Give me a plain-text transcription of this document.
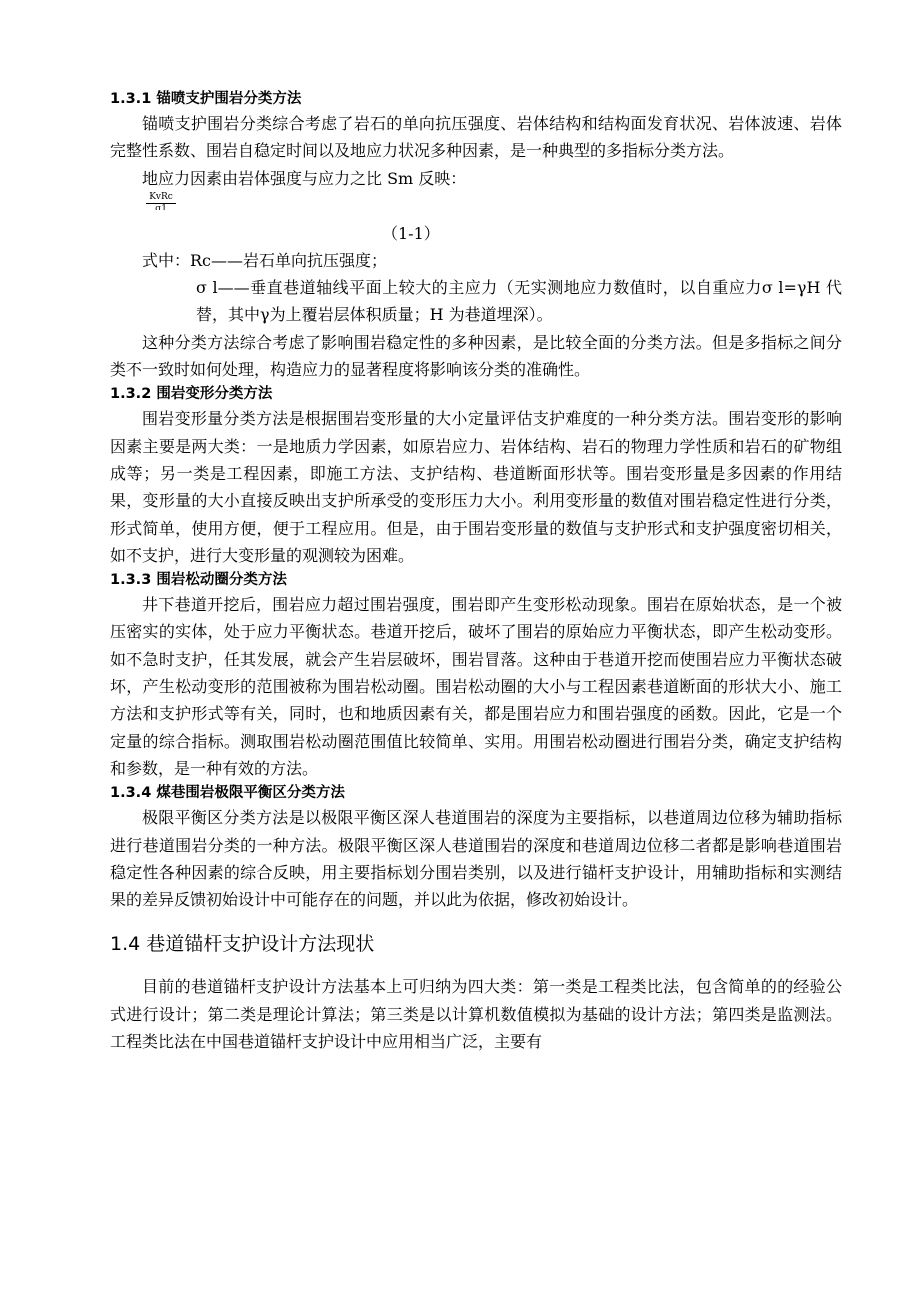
1.3.1 锚喷支护围岩分类方法

锚喷支护围岩分类综合考虑了岩石的单向抗压强度、岩体结构和结构面发育状况、岩体波速、岩体完整性系数、围岩自稳定时间以及地应力状况多种因素，是一种典型的多指标分类方法。

地应力因素由岩体强度与应力之比 Sm 反映：

KvRc
σ1

（1-1）

式中：Rc——岩石单向抗压强度；

σ l——垂直巷道轴线平面上较大的主应力（无实测地应力数值时，以自重应力σ l=γH 代替，其中γ为上覆岩层体积质量；H 为巷道埋深）。

这种分类方法综合考虑了影响围岩稳定性的多种因素，是比较全面的分类方法。但是多指标之间分类不一致时如何处理，构造应力的显著程度将影响该分类的准确性。

1.3.2 围岩变形分类方法

围岩变形量分类方法是根据围岩变形量的大小定量评估支护难度的一种分类方法。围岩变形的影响因素主要是两大类：一是地质力学因素，如原岩应力、岩体结构、岩石的物理力学性质和岩石的矿物组成等；另一类是工程因素，即施工方法、支护结构、巷道断面形状等。围岩变形量是多因素的作用结果，变形量的大小直接反映出支护所承受的变形压力大小。利用变形量的数值对围岩稳定性进行分类，形式简单，使用方便，便于工程应用。但是，由于围岩变形量的数值与支护形式和支护强度密切相关，如不支护，进行大变形量的观测较为困难。

1.3.3 围岩松动圈分类方法

井下巷道开挖后，围岩应力超过围岩强度，围岩即产生变形松动现象。围岩在原始状态，是一个被压密实的实体，处于应力平衡状态。巷道开挖后，破坏了围岩的原始应力平衡状态，即产生松动变形。如不急时支护，任其发展，就会产生岩层破坏，围岩冒落。这种由于巷道开挖而使围岩应力平衡状态破坏，产生松动变形的范围被称为围岩松动圈。围岩松动圈的大小与工程因素巷道断面的形状大小、施工方法和支护形式等有关，同时，也和地质因素有关，都是围岩应力和围岩强度的函数。因此，它是一个定量的综合指标。测取围岩松动圈范围值比较简单、实用。用围岩松动圈进行围岩分类，确定支护结构和参数，是一种有效的方法。

1.3.4 煤巷围岩极限平衡区分类方法

极限平衡区分类方法是以极限平衡区深人巷道围岩的深度为主要指标，以巷道周边位移为辅助指标进行巷道围岩分类的一种方法。极限平衡区深人巷道围岩的深度和巷道周边位移二者都是影响巷道围岩稳定性各种因素的综合反映，用主要指标划分围岩类别，以及进行锚杆支护设计，用辅助指标和实测结果的差异反馈初始设计中可能存在的问题，并以此为依据，修改初始设计。

1.4 巷道锚杆支护设计方法现状

目前的巷道锚杆支护设计方法基本上可归纳为四大类：第一类是工程类比法，包含简单的的经验公式进行设计；第二类是理论计算法；第三类是以计算机数值模拟为基础的设计方法；第四类是监测法。工程类比法在中国巷道锚杆支护设计中应用相当广泛，主要有
